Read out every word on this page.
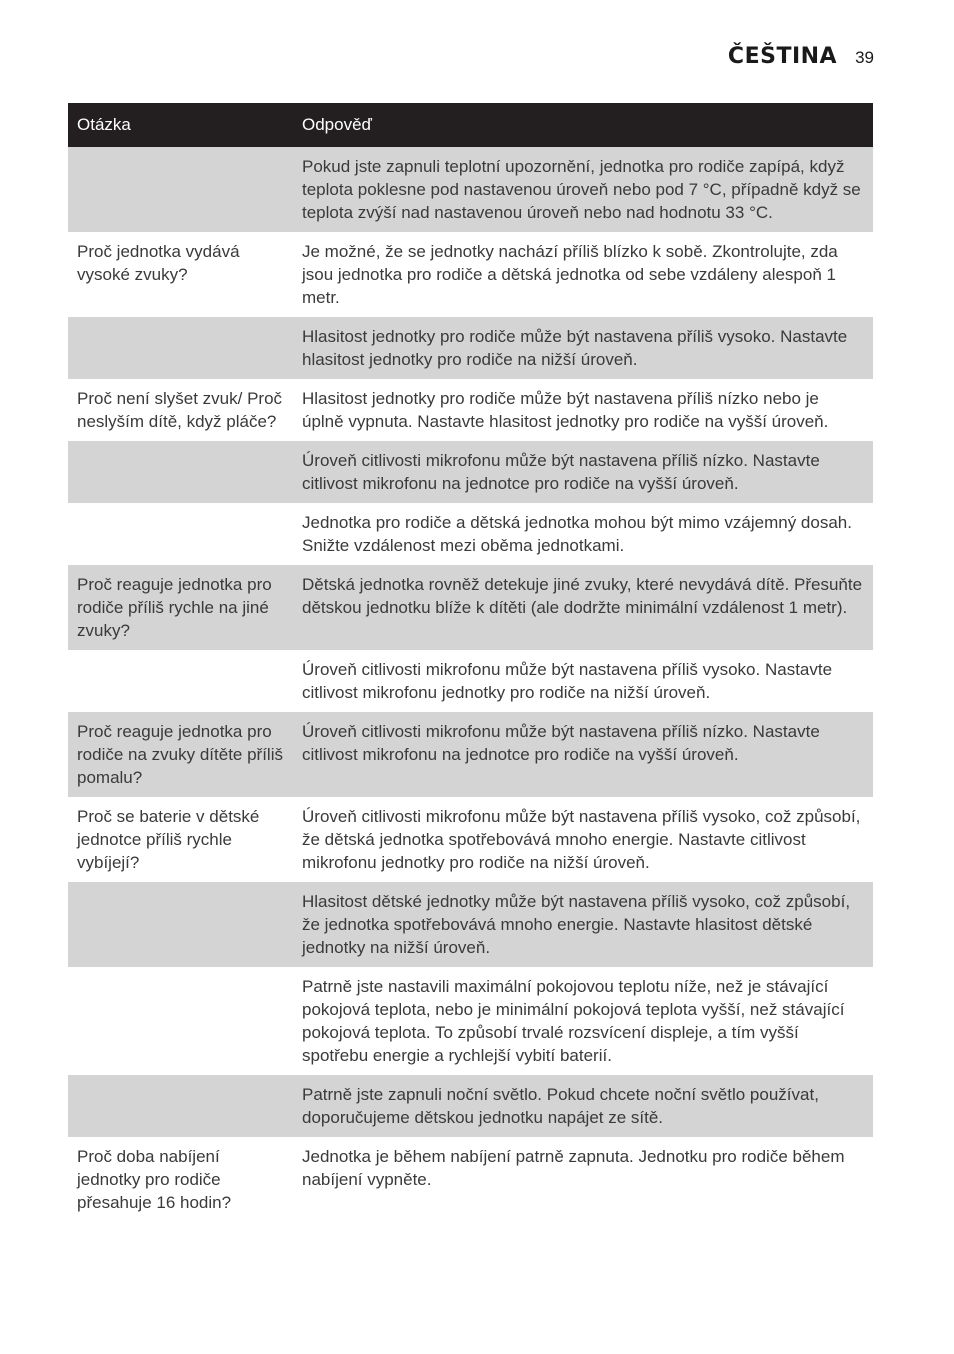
ČEŠTINA 39
Otázka	Odpověď
Pokud jste zapnuli teplotní upozornění, jednotka pro rodiče zapípá, když teplota poklesne pod nastavenou úroveň nebo pod 7 °C, případně když se teplota zvýší nad nastavenou úroveň nebo nad hodnotu 33 °C.
Proč jednotka vydává vysoké zvuky?
Je možné, že se jednotky nachází příliš blízko k sobě. Zkontrolujte, zda jsou jednotka pro rodiče a dětská jednotka od sebe vzdáleny alespoň 1 metr.
Hlasitost jednotky pro rodiče může být nastavena příliš vysoko. Nastavte hlasitost jednotky pro rodiče na nižší úroveň.
Proč není slyšet zvuk/ Proč neslyším dítě, když pláče?
Hlasitost jednotky pro rodiče může být nastavena příliš nízko nebo je úplně vypnuta. Nastavte hlasitost jednotky pro rodiče na vyšší úroveň.
Úroveň citlivosti mikrofonu může být nastavena příliš nízko. Nastavte citlivost mikrofonu na jednotce pro rodiče na vyšší úroveň.
Jednotka pro rodiče a dětská jednotka mohou být mimo vzájemný dosah. Snižte vzdálenost mezi oběma jednotkami.
Proč reaguje jednotka pro rodiče příliš rychle na jiné zvuky?
Dětská jednotka rovněž detekuje jiné zvuky, které nevydává dítě. Přesuňte dětskou jednotku blíže k dítěti (ale dodržte minimální vzdálenost 1 metr).
Úroveň citlivosti mikrofonu může být nastavena příliš vysoko. Nastavte citlivost mikrofonu jednotky pro rodiče na nižší úroveň.
Proč reaguje jednotka pro rodiče na zvuky dítěte příliš pomalu?
Úroveň citlivosti mikrofonu může být nastavena příliš nízko. Nastavte citlivost mikrofonu na jednotce pro rodiče na vyšší úroveň.
Proč se baterie v dětské jednotce příliš rychle vybíjejí?
Úroveň citlivosti mikrofonu může být nastavena příliš vysoko, což způsobí, že dětská jednotka spotřebovává mnoho energie. Nastavte citlivost mikrofonu jednotky pro rodiče na nižší úroveň.
Hlasitost dětské jednotky může být nastavena příliš vysoko, což způsobí, že jednotka spotřebovává mnoho energie. Nastavte hlasitost dětské jednotky na nižší úroveň.
Patrně jste nastavili maximální pokojovou teplotu níže, než je stávající pokojová teplota, nebo je minimální pokojová teplota vyšší, než stávající pokojová teplota. To způsobí trvalé rozsvícení displeje, a tím vyšší spotřebu energie a rychlejší vybití baterií.
Patrně jste zapnuli noční světlo. Pokud chcete noční světlo používat, doporučujeme dětskou jednotku napájet ze sítě.
Proč doba nabíjení jednotky pro rodiče přesahuje 16 hodin?
Jednotka je během nabíjení patrně zapnuta. Jednotku pro rodiče během nabíjení vypněte.
